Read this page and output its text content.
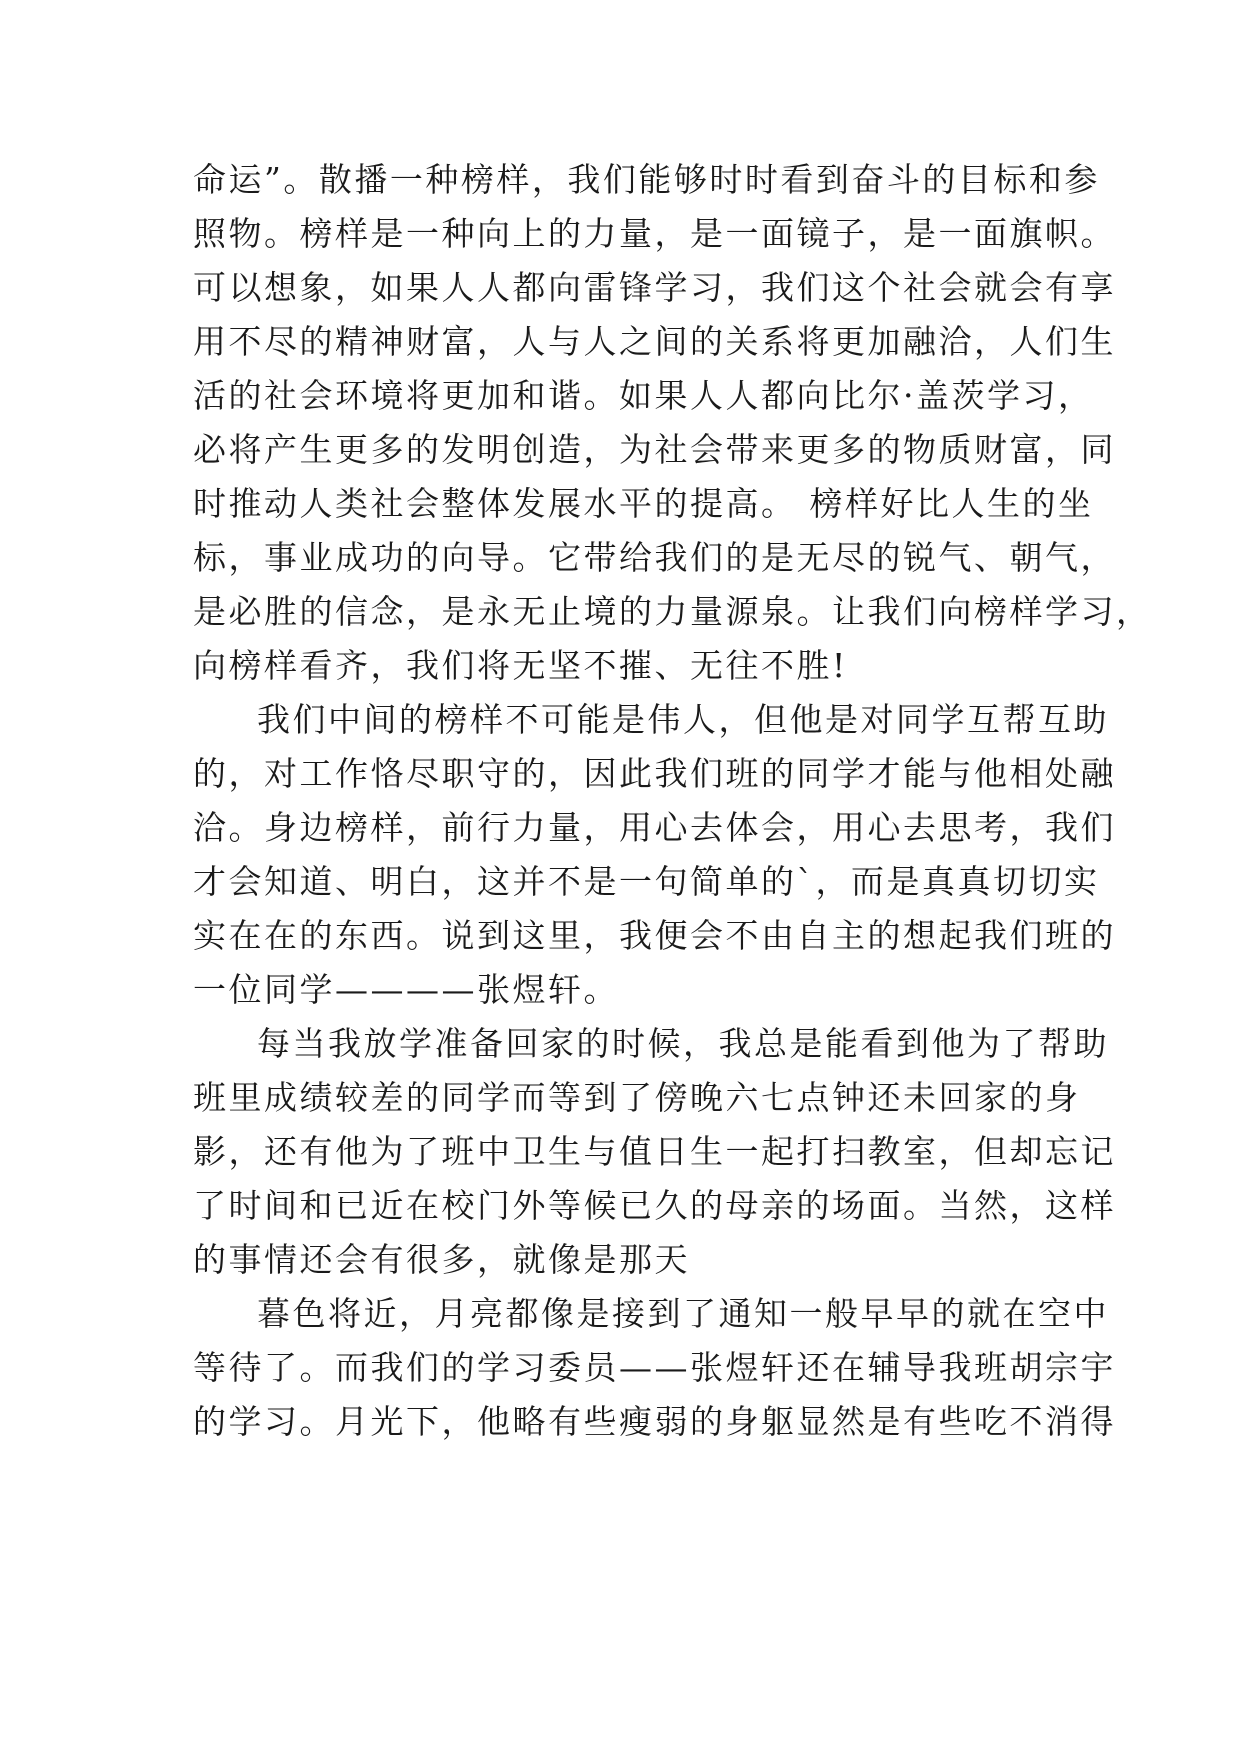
命运”。散播一种榜样，我们能够时时看到奋斗的目标和参
照物。榜样是一种向上的力量，是一面镜子，是一面旗帜。
可以想象，如果人人都向雷锋学习，我们这个社会就会有享
用不尽的精神财富，人与人之间的关系将更加融洽，人们生
活的社会环境将更加和谐。如果人人都向比尔·盖茨学习，
必将产生更多的发明创造，为社会带来更多的物质财富，同
时推动人类社会整体发展水平的提高。 榜样好比人生的坐
标，事业成功的向导。它带给我们的是无尽的锐气、朝气，
是必胜的信念，是永无止境的力量源泉。让我们向榜样学习，
向榜样看齐，我们将无坚不摧、无往不胜!
我们中间的榜样不可能是伟人，但他是对同学互帮互助
的，对工作恪尽职守的，因此我们班的同学才能与他相处融
洽。身边榜样，前行力量，用心去体会，用心去思考，我们
才会知道、明白，这并不是一句简单的`，而是真真切切实
实在在的东西。说到这里，我便会不由自主的想起我们班的
一位同学————张煜轩。
每当我放学准备回家的时候，我总是能看到他为了帮助
班里成绩较差的同学而等到了傍晚六七点钟还未回家的身
影，还有他为了班中卫生与值日生一起打扫教室，但却忘记
了时间和已近在校门外等候已久的母亲的场面。当然，这样
的事情还会有很多，就像是那天
暮色将近，月亮都像是接到了通知一般早早的就在空中
等待了。而我们的学习委员——张煜轩还在辅导我班胡宗宇
的学习。月光下，他略有些瘦弱的身躯显然是有些吃不消得
